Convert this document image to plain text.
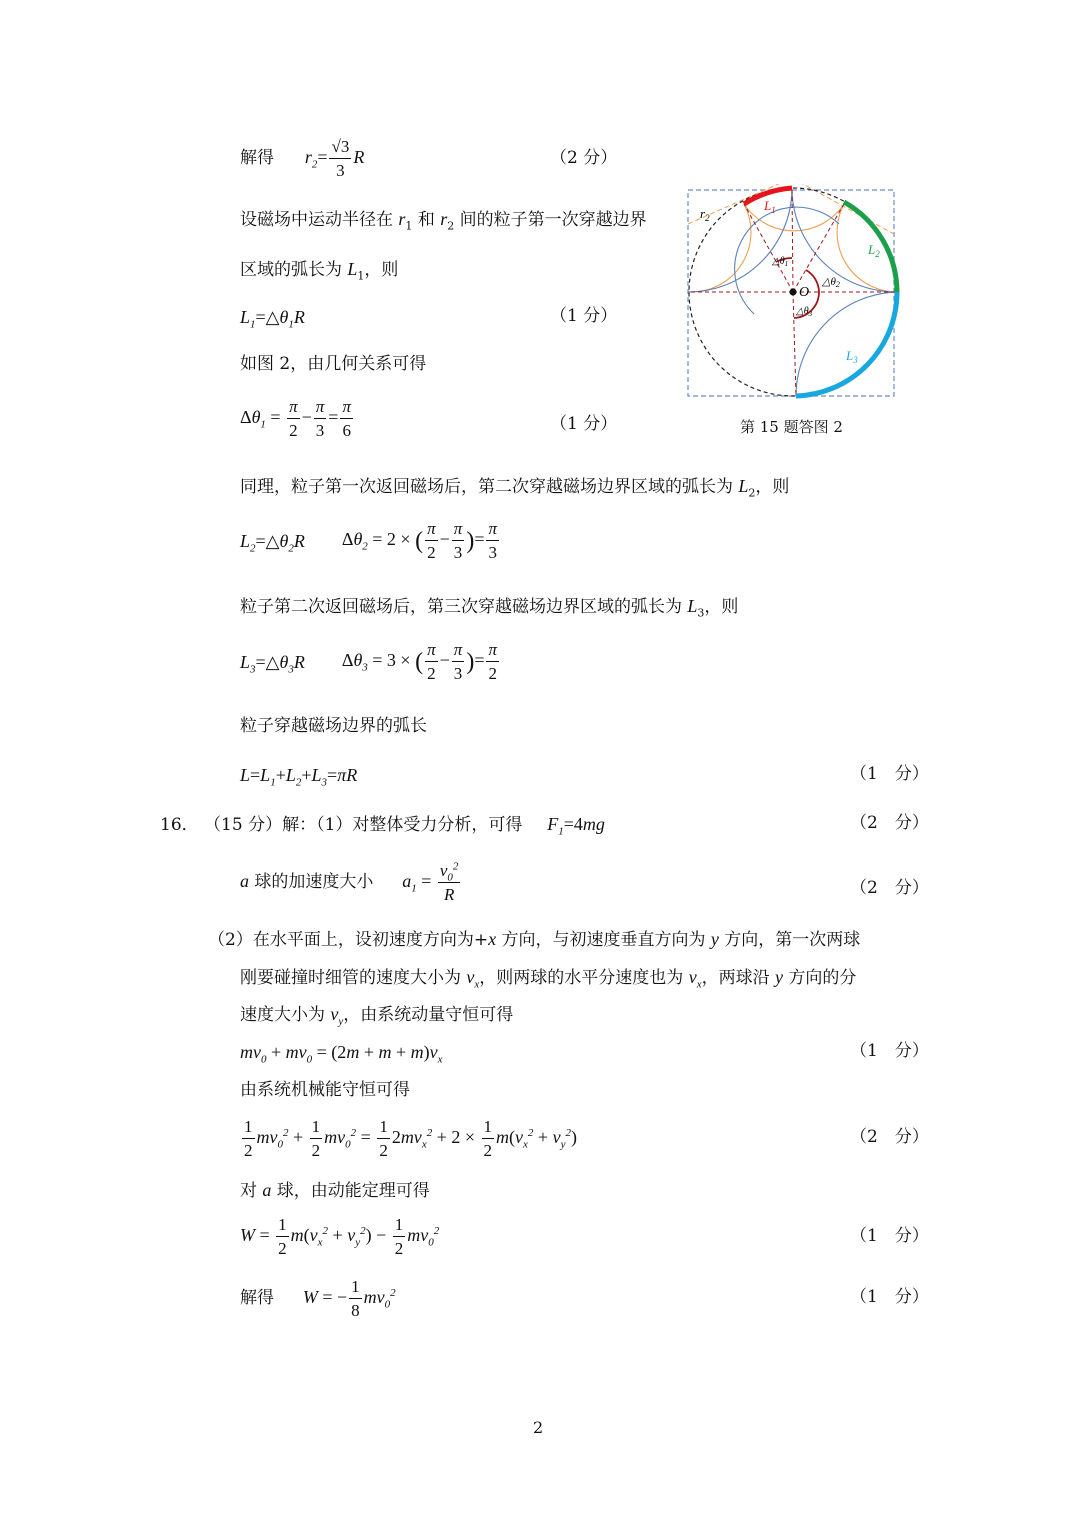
解得 $r_2= \frac{√3}{3}$ R	（2 分）
设磁场中运动半径在 $r_1$ 和 $r_2$ 间的粒子第一次穿越边界
区域的弧长为 $L_1$，则
$L_1=\triangle\theta_1R$	（1 分）
如图 2，由几何关系可得
$\Delta\theta_1 = \frac{\pi}{2} - \frac{\pi}{3} = \frac{\pi}{6}$	（1 分）
$r_2$
$L_1$
$L_2$
$L_3$
O
$\triangle\theta_1$
△θ2
$\triangle\theta_3$
第 15 题答图 2
同理，粒子第一次返回磁场后，第二次穿越磁场边界区域的弧长为 $L_2$，则
$L_2=\triangle\theta_2R$ $\Delta\theta_2 = 2$ × ( $\frac{\pi}{2} - \frac{\pi}{3}$ )= $\frac{\pi}{3}$
粒子第二次返回磁场后，第三次穿越磁场边界区域的弧长为 $L_3$，则
$L_3=\triangle\theta_3R$ $\Delta\theta_3 = 3$ × ( $\frac{\pi}{2} - \frac{\pi}{3}$ )= $\frac{\pi}{2}$
粒子穿越磁场边界的弧长
$L=L_1+L_2+L_3=\pi R$	（1　分）
16． （15 分）解：（1）对整体受力分析，可得 $F_1=4mg$	（2　分）
a 球的加速度大小 $a_1 = \frac{v_0^2}{R}$	（2　分）
（2）在水平面上，设初速度方向为+x 方向，与初速度垂直方向为 y 方向，第一次两球
刚要碰撞时细管的速度大小为 $v_x$，则两球的水平分速度也为 $v_x$，两球沿 y 方向的分
速度大小为 $v_y$，由系统动量守恒可得
$mv_0 + mv_0 = (2m + m + m)v_x$	（1　分）
由系统机械能守恒可得
$\frac{1}{2} mv_0^2 + \frac{1}{2} mv_0^2 = \frac{1}{2} 2mv_x^2 + 2 \times \frac{1}{2} m(v_x^2 + v_y^2)$	（2　分）
对 a 球，由动能定理可得
$W = \frac{1}{2} m(v_x^2 + v_y^2) - \frac{1}{2} mv_0^2$	（1　分）
解得 W = − $\frac{1}{8} mv_0^2$	（1　分）
2
